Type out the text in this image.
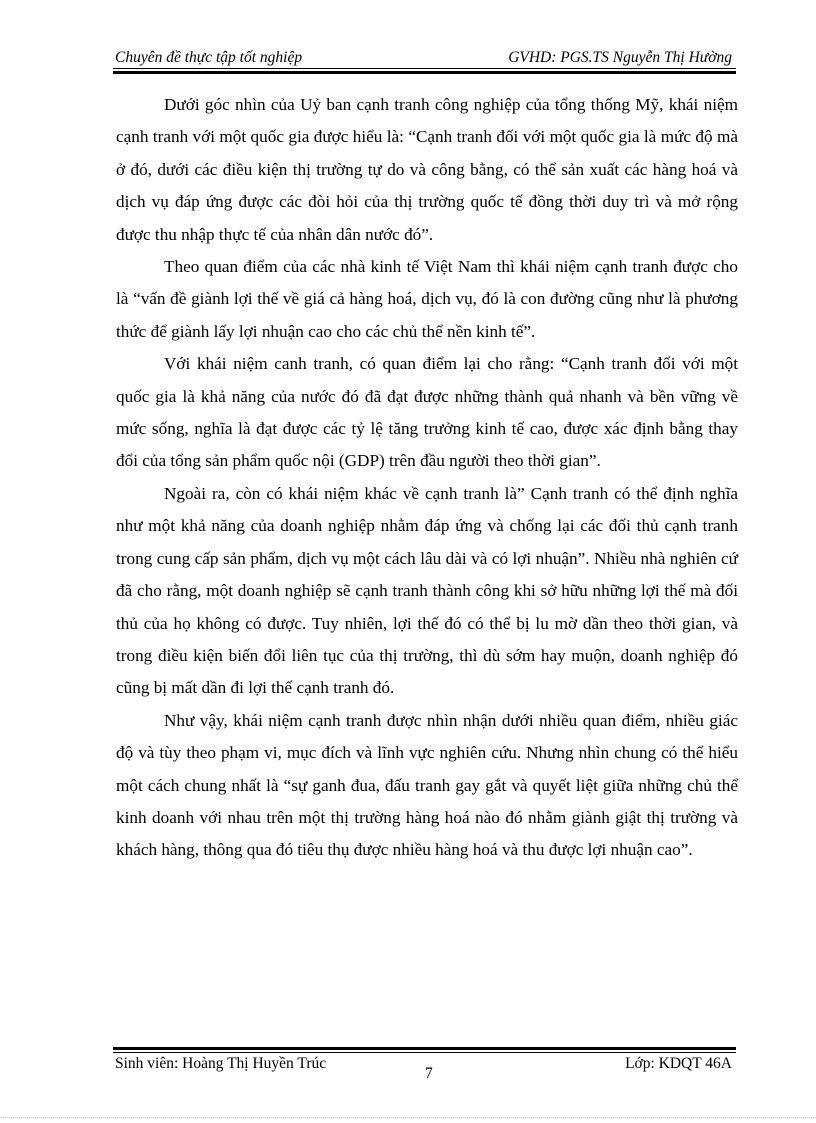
Chuyên đề thực tập tốt nghiệp	GVHD: PGS.TS Nguyễn Thị Hường

Dưới góc nhìn của Uỷ ban cạnh tranh công nghiệp của tổng thống Mỹ, khái niệm cạnh tranh với một quốc gia được hiểu là: “Cạnh tranh đối với một quốc gia là mức độ mà ở đó, dưới các điều kiện thị trường tự do và công bằng, có thể sản xuất các hàng hoá và dịch vụ đáp ứng được các đòi hỏi của thị trường quốc tế đồng thời duy trì và mở rộng được thu nhập thực tế của nhân dân nước đó”.

Theo quan điểm của các nhà kinh tế Việt Nam thì khái niệm cạnh tranh được cho là “vấn đề giành lợi thế về giá cả hàng hoá, dịch vụ, đó là con đường cũng như là phương thức để giành lấy lợi nhuận cao cho các chủ thể nền kinh tế”.

Với khái niệm canh tranh, có quan điểm lại cho rằng: “Cạnh tranh đối với một quốc gia là khả năng của nước đó đã đạt được những thành quả nhanh và bền vững về mức sống, nghĩa là đạt được các tỷ lệ tăng trưởng kinh tế cao, được xác định bằng thay đổi của tổng sản phẩm quốc nội (GDP) trên đầu người theo thời gian”.

Ngoài ra, còn có khái niệm khác về cạnh tranh là” Cạnh tranh có thể định nghĩa như một khả năng của doanh nghiệp nhằm đáp ứng và chống lại các đối thủ cạnh tranh trong cung cấp sản phẩm, dịch vụ một cách lâu dài và có lợi nhuận”. Nhiều nhà nghiên cứ đã cho rằng, một doanh nghiệp sẽ cạnh tranh thành công khi sở hữu những lợi thế mà đối thủ của họ không có được. Tuy nhiên, lợi thế đó có thể bị lu mờ dần theo thời gian, và trong điều kiện biến đổi liên tục của thị trường, thì dù sớm hay muộn, doanh nghiệp đó cũng bị mất dần đi lợi thế cạnh tranh đó.

Như vậy, khái niệm cạnh tranh được nhìn nhận dưới nhiều quan điểm, nhiều giác độ và tùy theo phạm vi, mục đích và lĩnh vực nghiên cứu. Nhưng nhìn chung có thể hiểu một cách chung nhất là “sự ganh đua, đấu tranh gay gắt và quyết liệt giữa những chủ thể kinh doanh với nhau trên một thị trường hàng hoá nào đó nhằm giành giật thị trường và khách hàng, thông qua đó tiêu thụ được nhiều hàng hoá và thu được lợi nhuận cao”.

Sinh viên: Hoàng Thị Huyền Trúc
7
Lớp: KDQT 46A
